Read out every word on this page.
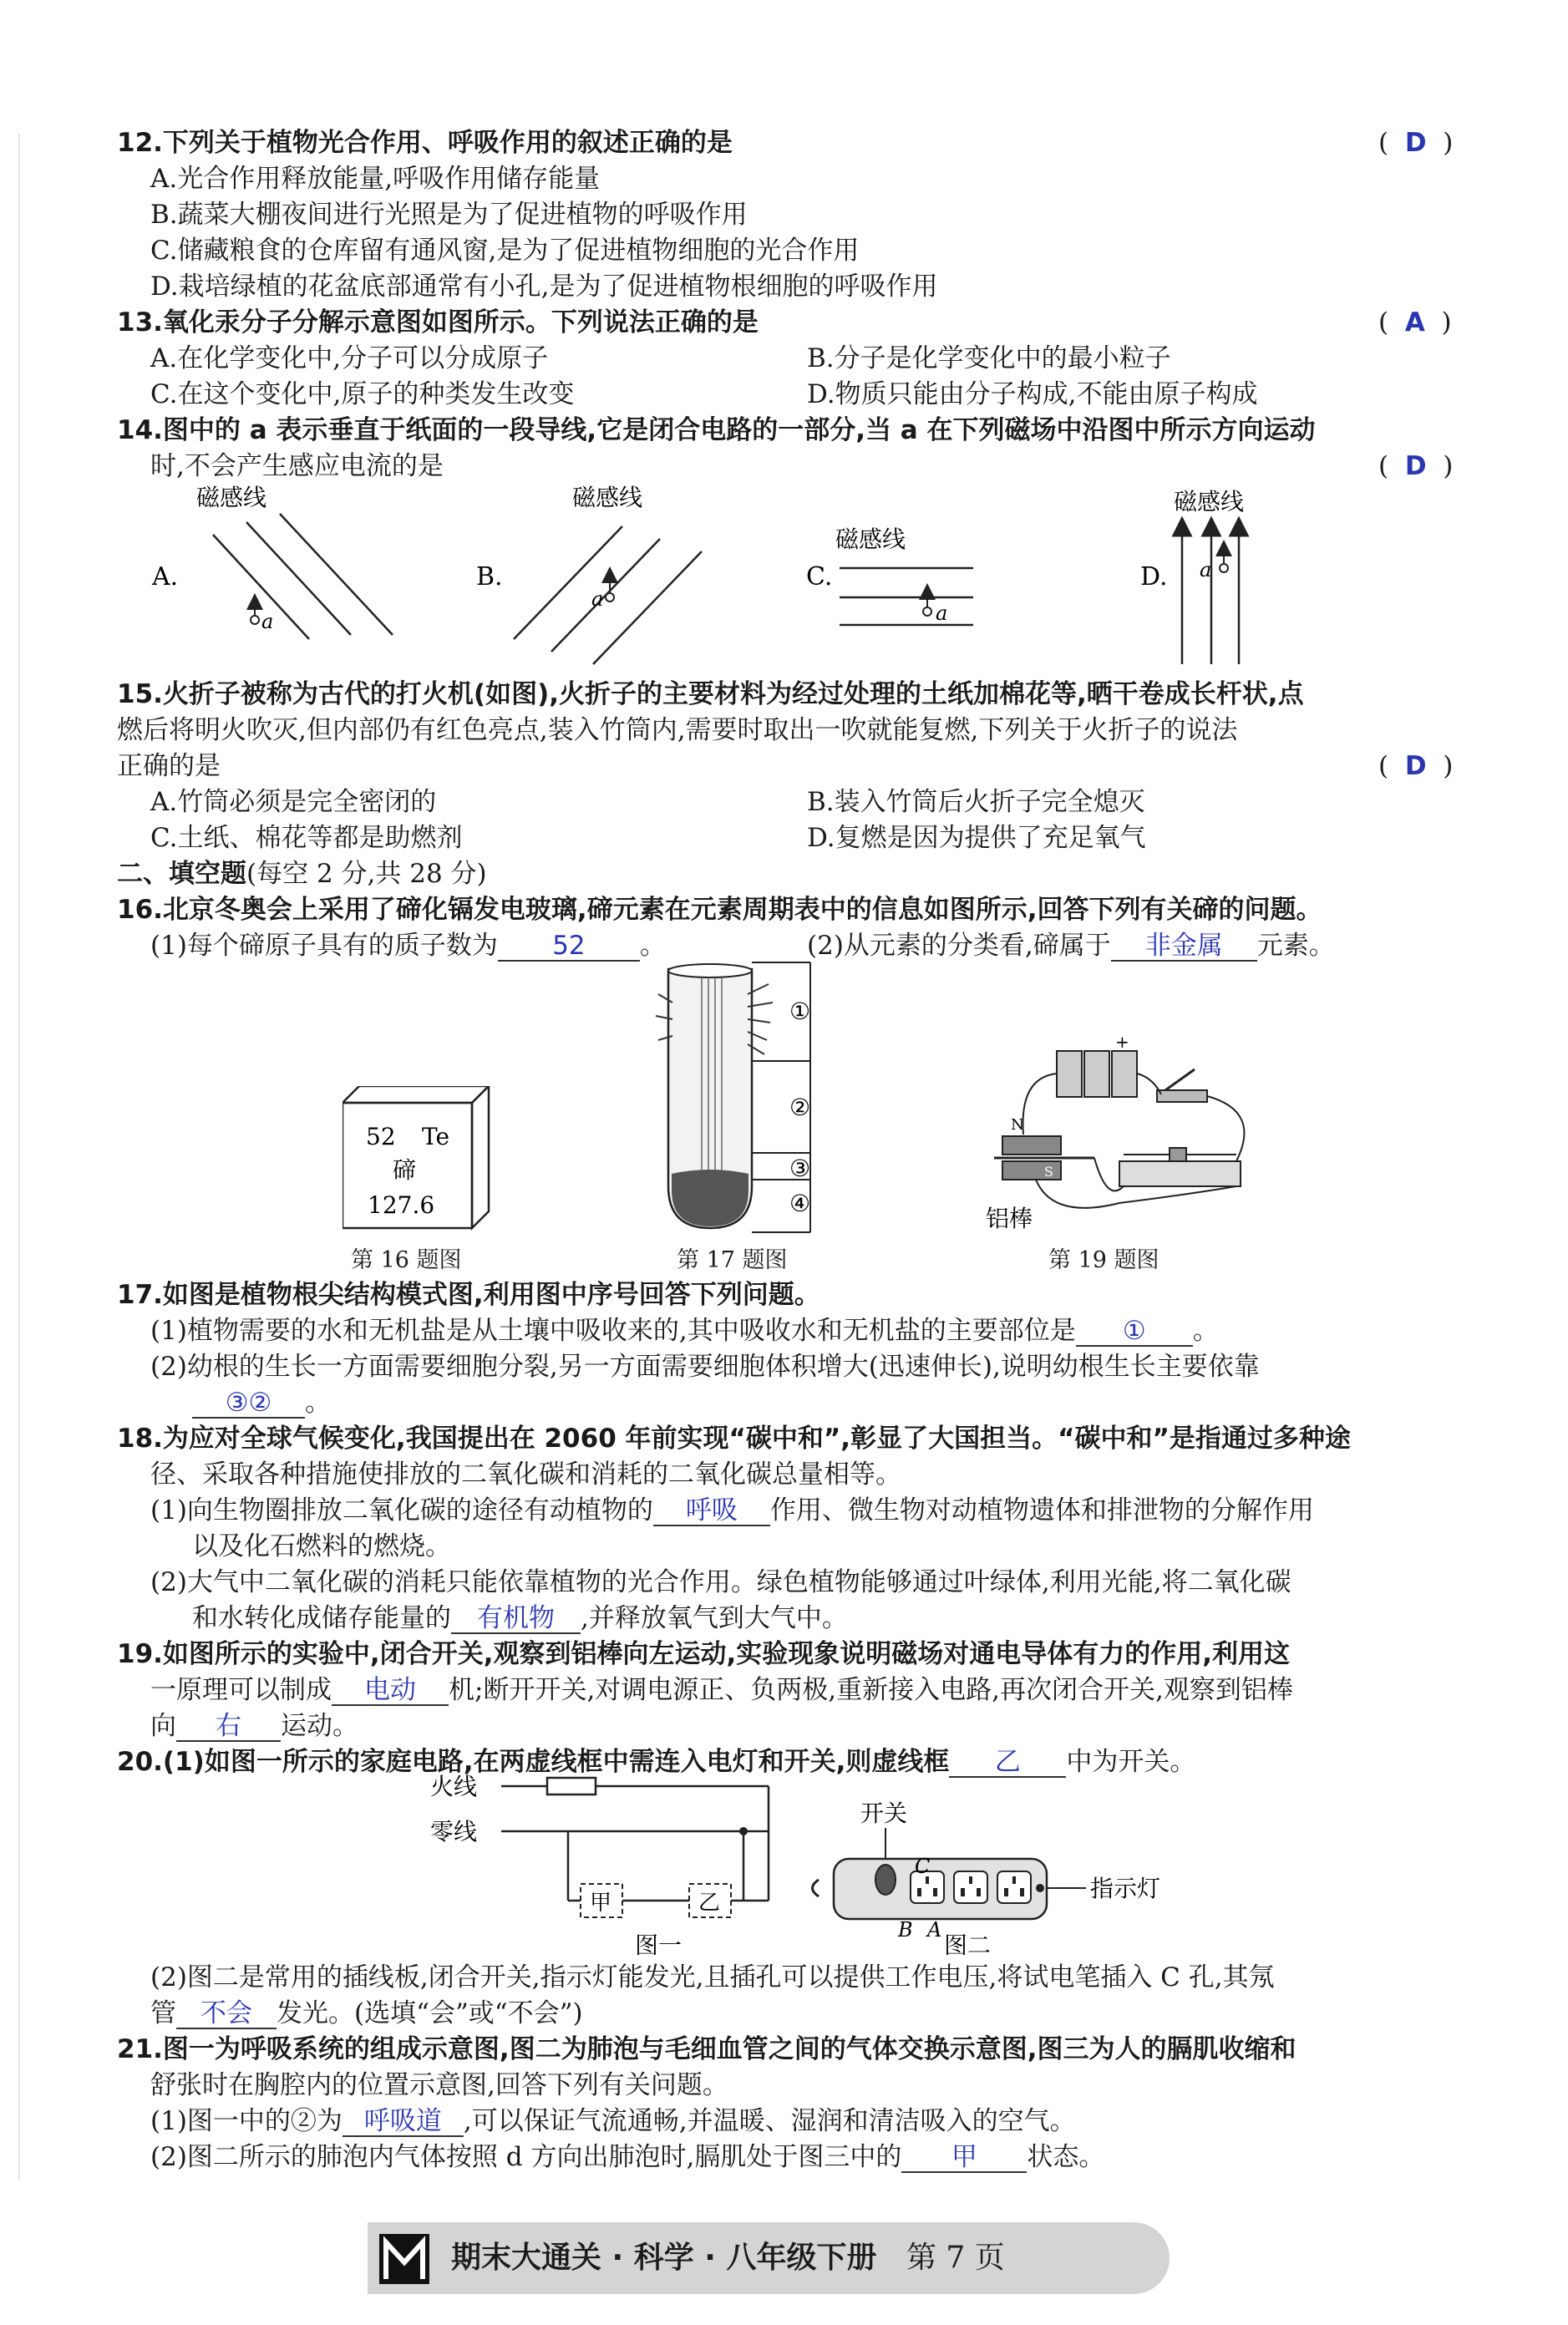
12.下列关于植物光合作用、呼吸作用的叙述正确的是	(  D  )
A.光合作用释放能量,呼吸作用储存能量
B.蔬菜大棚夜间进行光照是为了促进植物的呼吸作用
C.储藏粮食的仓库留有通风窗,是为了促进植物细胞的光合作用
D.栽培绿植的花盆底部通常有小孔,是为了促进植物根细胞的呼吸作用
13.氧化汞分子分解示意图如图所示。下列说法正确的是	(  A  )
A.在化学变化中,分子可以分成原子	B.分子是化学变化中的最小粒子
C.在这个变化中,原子的种类发生改变	D.物质只能由分子构成,不能由原子构成
14.图中的 a 表示垂直于纸面的一段导线,它是闭合电路的一部分,当 a 在下列磁场中沿图中所示方向运动
时,不会产生感应电流的是	(  D  )
A.
磁感线
a
B.
磁感线
a
C.
磁感线
a
D.
磁感线
a
15.火折子被称为古代的打火机(如图),火折子的主要材料为经过处理的土纸加棉花等,晒干卷成长杆状,点
燃后将明火吹灭,但内部仍有红色亮点,装入竹筒内,需要时取出一吹就能复燃,下列关于火折子的说法
正确的是	(  D  )
A.竹筒必须是完全密闭的	B.装入竹筒后火折子完全熄灭
C.土纸、棉花等都是助燃剂	D.复燃是因为提供了充足氧气
二、填空题(每空 2 分,共 28 分)
16.北京冬奥会上采用了碲化镉发电玻璃,碲元素在元素周期表中的信息如图所示,回答下列有关碲的问题。
(1)每个碲原子具有的质子数为 52 。	(2)从元素的分类看,碲属于 非金属 元素。
52 Te
碲
127.6
第 16 题图
①
②
③
④
第 17 题图
+
N
S
铝棒
第 19 题图
17.如图是植物根尖结构模式图,利用图中序号回答下列问题。
(1)植物需要的水和无机盐是从土壤中吸收来的,其中吸收水和无机盐的主要部位是 ① 。
(2)幼根的生长一方面需要细胞分裂,另一方面需要细胞体积增大(迅速伸长),说明幼根生长主要依靠
③② 。
18.为应对全球气候变化,我国提出在 2060 年前实现“碳中和”,彰显了大国担当。“碳中和”是指通过多种途
径、采取各种措施使排放的二氧化碳和消耗的二氧化碳总量相等。
(1)向生物圈排放二氧化碳的途径有动植物的 呼吸 作用、微生物对动植物遗体和排泄物的分解作用
以及化石燃料的燃烧。
(2)大气中二氧化碳的消耗只能依靠植物的光合作用。绿色植物能够通过叶绿体,利用光能,将二氧化碳
和水转化成储存能量的 有机物 ,并释放氧气到大气中。
19.如图所示的实验中,闭合开关,观察到铝棒向左运动,实验现象说明磁场对通电导体有力的作用,利用这
一原理可以制成 电动 机;断开开关,对调电源正、负两极,重新接入电路,再次闭合开关,观察到铝棒
向 右 运动。
20.(1)如图一所示的家庭电路,在两虚线框中需连入电灯和开关,则虚线框 乙 中为开关。
火线
零线
甲	乙
图一
开关
指示灯
C
B A
图二
(2)图二是常用的插线板,闭合开关,指示灯能发光,且插孔可以提供工作电压,将试电笔插入 C 孔,其氖
管 不会 发光。(选填“会”或“不会”)
21.图一为呼吸系统的组成示意图,图二为肺泡与毛细血管之间的气体交换示意图,图三为人的膈肌收缩和
舒张时在胸腔内的位置示意图,回答下列有关问题。
(1)图一中的②为 呼吸道 ,可以保证气流通畅,并温暖、湿润和清洁吸入的空气。
(2)图二所示的肺泡内气体按照 d 方向出肺泡时,膈肌处于图三中的 甲 状态。
期末大通关 · 科学 · 八年级下册 第 7 页
